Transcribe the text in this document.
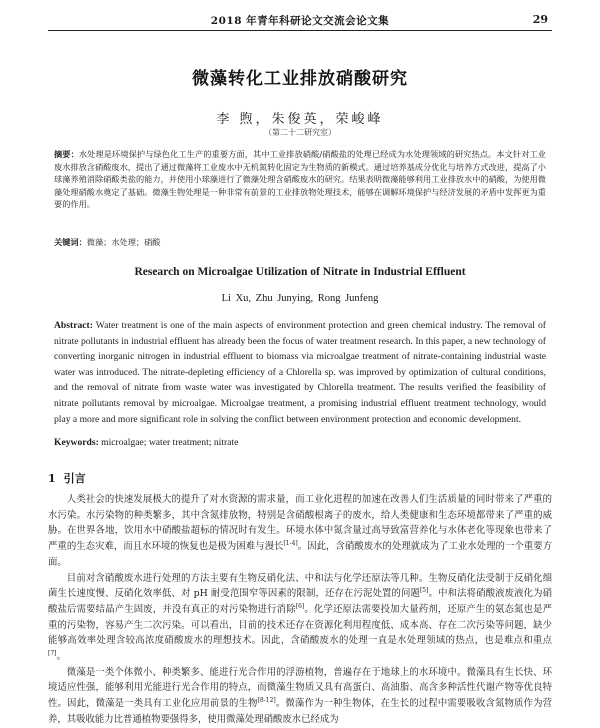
2018 年青年科研论文交流会论文集	29
微藻转化工业排放硝酸研究
李 煦，朱俊英，荣峻峰
（第二十二研究室）
摘要：水处理是环境保护与绿色化工生产的重要方面，其中工业排放硝酸/硝酸盐的处理已经成为水处理领域的研究热点。本文针对工业废水排放含硝酸废水，提出了通过微藻将工业废水中无机氮转化固定为生物质的新模式。通过培养基成分优化与培养方式改进，提高了小球藻养殖消除硝酸类盐的能力，并使用小球藻进行了微藻处理含硝酸废水的研究。结果表明微藻能够利用工业排放水中的硝酸，为使用微藻处理硝酸水奠定了基础。微藻生物处理是一种非常有前景的工业排放物处理技术，能够在调解环境保护与经济发展的矛盾中发挥更为重要的作用。
关键词：微藻；水处理；硝酸
Research on Microalgae Utilization of Nitrate in Industrial Effluent
Li Xu, Zhu Junying, Rong Junfeng
Abstract: Water treatment is one of the main aspects of environment protection and green chemical industry. The removal of nitrate pollutants in industrial effluent has already been the focus of water treatment research. In this paper, a new technology of converting inorganic nitrogen in industrial effluent to biomass via microalgae treatment of nitrate-containing industrial waste water was introduced. The nitrate-depleting efficiency of a Chlorella sp. was improved by optimization of cultural conditions, and the removal of nitrate from waste water was investigated by Chlorella treatment. The results verified the feasibility of nitrate pollutants removal by microalgae. Microalgae treatment, a promising industrial effluent treatment technology, would play a more and more significant role in solving the conflict between environment protection and economic development.
Keywords: microalgae; water treatment; nitrate
1 引言

人类社会的快速发展极大的提升了对水资源的需求量，而工业化进程的加速在改善人们生活质量的同时带来了严重的水污染。水污染物的种类繁多，其中含氮排放物，特别是含硝酸根离子的废水，给人类健康和生态环境都带来了严重的威胁。在世界各地，饮用水中硝酸盐超标的情况时有发生。环境水体中氮含量过高导致富营养化与水体老化等现象也带来了严重的生态灾难，而且水环境的恢复也是极为困难与漫长[1-4]。因此，含硝酸废水的处理就成为了工业水处理的一个重要方面。

目前对含硝酸废水进行处理的方法主要有生物反硝化法、中和法与化学还原法等几种。生物反硝化法受制于反硝化细菌生长速度慢、反硝化效率低、对 pH 耐受范围窄等因素的限制，还存在污泥处置的问题[5]。中和法将硝酸液废液化为硝酸盐后需要结晶产生固废，并没有真正的对污染物进行消除[6]。化学还原法需要投加大量药剂，还原产生的氨态氮也是严重的污染物，容易产生二次污染。可以看出，目前的技术还存在资源化利用程度低、成本高、存在二次污染等问题，缺少能够高效率处理含较高浓度硝酸废水的理想技术。因此，含硝酸废水的处理一直是水处理领域的热点，也是难点和重点[7]。

微藻是一类个体微小、种类繁多、能进行光合作用的浮游植物，普遍存在于地球上的水环境中。微藻具有生长快、环境适应性强，能够利用光能进行光合作用的特点，而微藻生物质又具有高蛋白、高油脂、高含多种活性代谢产物等优良特性。因此，微藻是一类具有工业化应用前景的生物[8-12]。微藻作为一种生物体，在生长的过程中需要吸收含氮物质作为营养，其吸收能力比普通植物要强得多，使用微藻处理硝酸废水已经成为
